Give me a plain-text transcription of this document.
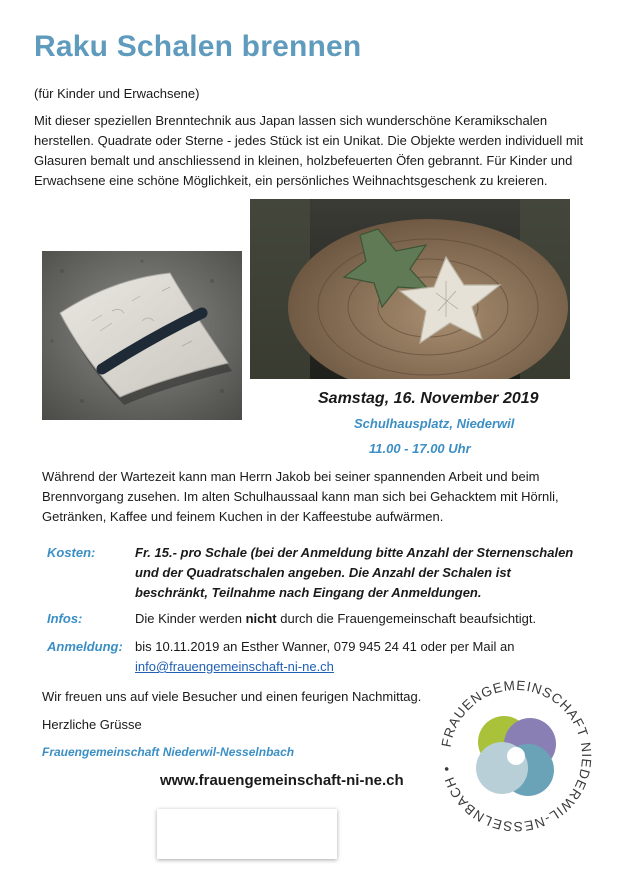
Raku Schalen brennen
(für Kinder und Erwachsene)

Mit dieser speziellen Brenntechnik aus Japan lassen sich wunderschöne Keramikschalen herstellen. Quadrate oder Sterne - jedes Stück ist ein Unikat. Die Objekte werden individuell mit Glasuren bemalt und anschliessend in kleinen, holzbefeuerten Öfen gebrannt. Für Kinder und Erwachsene eine schöne Möglichkeit, ein persönliches Weihnachtsgeschenk zu kreieren.

Samstag, 16. November 2019
Schulhausplatz, Niederwil
11.00 - 17.00 Uhr

Während der Wartezeit kann man Herrn Jakob bei seiner spannenden Arbeit und beim Brennvorgang zusehen. Im alten Schulhaussaal kann man sich bei Gehacktem mit Hörnli, Getränken, Kaffee und feinem Kuchen in der Kaffeestube aufwärmen.

Kosten:	Fr. 15.- pro Schale (bei der Anmeldung bitte Anzahl der Sternenschalen und der Quadratschalen angeben. Die Anzahl der Schalen ist beschränkt, Teilnahme nach Eingang der Anmeldungen.
Infos:	Die Kinder werden nicht durch die Frauengemeinschaft beaufsichtigt.
Anmeldung: bis 10.11.2019 an Esther Wanner, 079 945 24 41 oder per Mail an
info@frauengemeinschaft-ni-ne.ch
Wir freuen uns auf viele Besucher und einen feurigen Nachmittag.
Herzliche Grüsse
Frauengemeinschaft Niederwil-Nesselnbach
www.frauengemeinschaft-ni-ne.ch
FRAUENGEMEINSCHAFT NIEDERWIL-NESSELNBACH •
